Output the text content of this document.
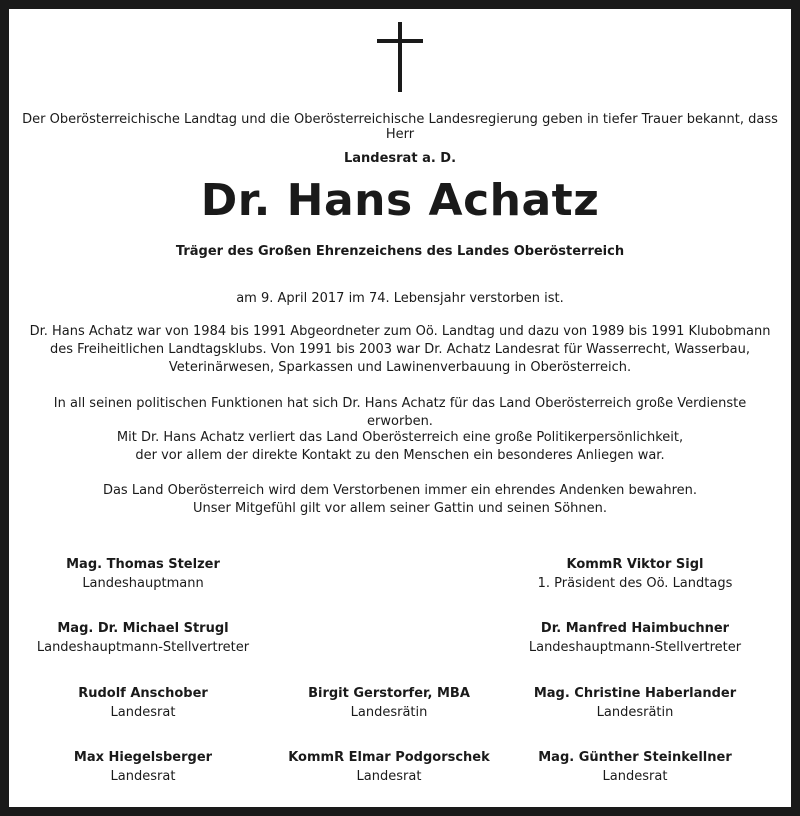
Der Oberösterreichische Landtag und die Oberösterreichische Landesregierung geben in tiefer Trauer bekannt, dass Herr
Landesrat a. D.
Dr. Hans Achatz
Träger des Großen Ehrenzeichens des Landes Oberösterreich
am 9. April 2017 im 74. Lebensjahr verstorben ist.
Dr. Hans Achatz war von 1984 bis 1991 Abgeordneter zum Oö. Landtag und dazu von 1989 bis 1991 Klubobmann
des Freiheitlichen Landtagsklubs. Von 1991 bis 2003 war Dr. Achatz Landesrat für Wasserrecht, Wasserbau,
Veterinärwesen, Sparkassen und Lawinenverbauung in Oberösterreich.
In all seinen politischen Funktionen hat sich Dr. Hans Achatz für das Land Oberösterreich große Verdienste erworben.
Mit Dr. Hans Achatz verliert das Land Oberösterreich eine große Politikerpersönlichkeit,
der vor allem der direkte Kontakt zu den Menschen ein besonderes Anliegen war.
Das Land Oberösterreich wird dem Verstorbenen immer ein ehrendes Andenken bewahren.
Unser Mitgefühl gilt vor allem seiner Gattin und seinen Söhnen.
Mag. Thomas Stelzer
Landeshauptmann
KommR Viktor Sigl
1. Präsident des Oö. Landtags
Mag. Dr. Michael Strugl
Landeshauptmann-Stellvertreter
Dr. Manfred Haimbuchner
Landeshauptmann-Stellvertreter
Rudolf Anschober
Landesrat
Birgit Gerstorfer, MBA
Landesrätin
Mag. Christine Haberlander
Landesrätin
Max Hiegelsberger
Landesrat
KommR Elmar Podgorschek
Landesrat
Mag. Günther Steinkellner
Landesrat
